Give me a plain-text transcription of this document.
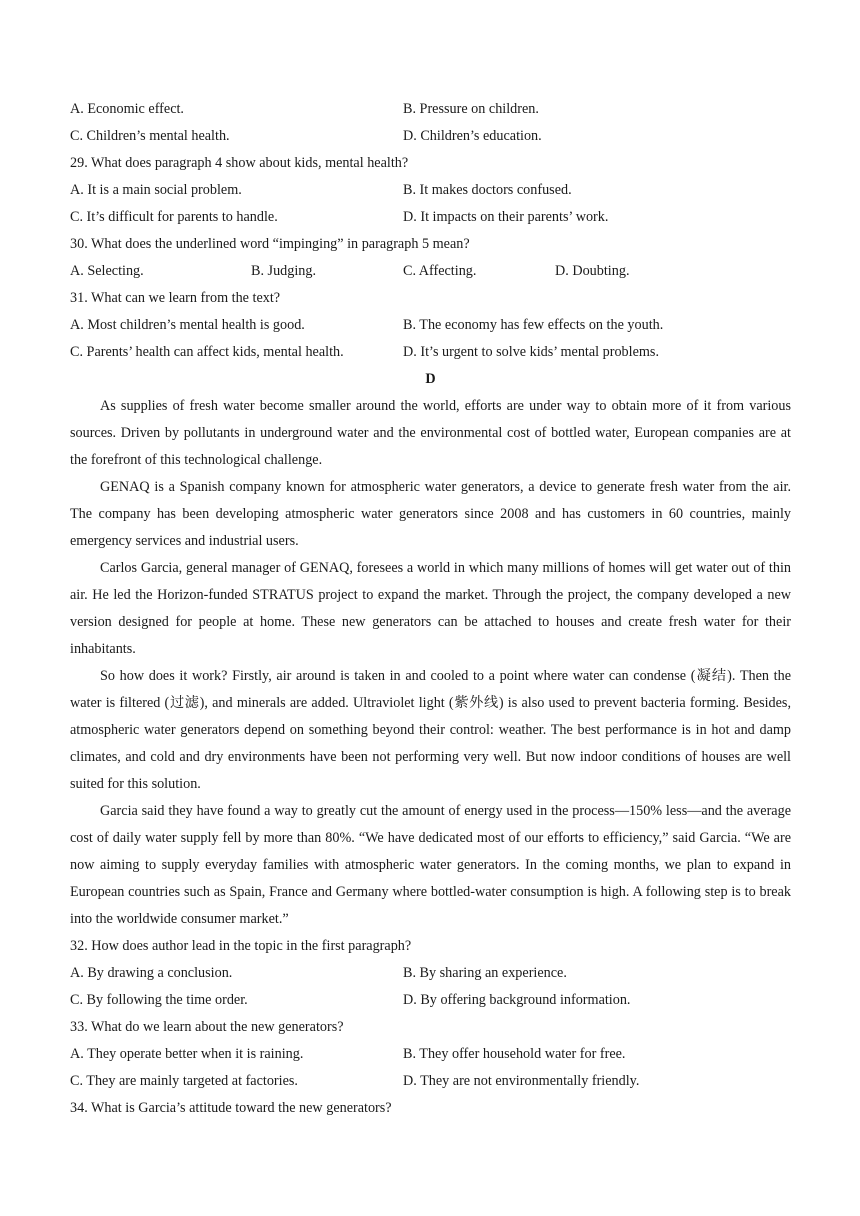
A. Economic effect.	B. Pressure on children.
C. Children’s mental health.	D. Children’s education.
29. What does paragraph 4 show about kids, mental health?
A. It is a main social problem.	B. It makes doctors confused.
C. It’s difficult for parents to handle.	D. It impacts on their parents’ work.
30. What does the underlined word “impinging” in paragraph 5 mean?
A. Selecting.	B. Judging.	C. Affecting.	D. Doubting.
31. What can we learn from the text?
A. Most children’s mental health is good.	B. The economy has few effects on the youth.
C. Parents’ health can affect kids, mental health.	D. It’s urgent to solve kids’ mental problems.
D

As supplies of fresh water become smaller around the world, efforts are under way to obtain more of it from various sources. Driven by pollutants in underground water and the environmental cost of bottled water, European companies are at the forefront of this technological challenge.

GENAQ is a Spanish company known for atmospheric water generators, a device to generate fresh water from the air. The company has been developing atmospheric water generators since 2008 and has customers in 60 countries, mainly emergency services and industrial users.

Carlos Garcia, general manager of GENAQ, foresees a world in which many millions of homes will get water out of thin air. He led the Horizon-funded STRATUS project to expand the market. Through the project, the company developed a new version designed for people at home. These new generators can be attached to houses and create fresh water for their inhabitants.

So how does it work? Firstly, air around is taken in and cooled to a point where water can condense (凝结). Then the water is filtered (过滤), and minerals are added. Ultraviolet light (紫外线) is also used to prevent bacteria forming. Besides, atmospheric water generators depend on something beyond their control: weather. The best performance is in hot and damp climates, and cold and dry environments have been not performing very well. But now indoor conditions of houses are well suited for this solution.

Garcia said they have found a way to greatly cut the amount of energy used in the process—150% less—and the average cost of daily water supply fell by more than 80%. “We have dedicated most of our efforts to efficiency,” said Garcia. “We are now aiming to supply everyday families with atmospheric water generators. In the coming months, we plan to expand in European countries such as Spain, France and Germany where bottled-water consumption is high. A following step is to break into the worldwide consumer market.”

32. How does author lead in the topic in the first paragraph?
A. By drawing a conclusion.	B. By sharing an experience.
C. By following the time order.	D. By offering background information.
33. What do we learn about the new generators?
A. They operate better when it is raining.	B. They offer household water for free.
C. They are mainly targeted at factories.	D. They are not environmentally friendly.
34. What is Garcia’s attitude toward the new generators?
